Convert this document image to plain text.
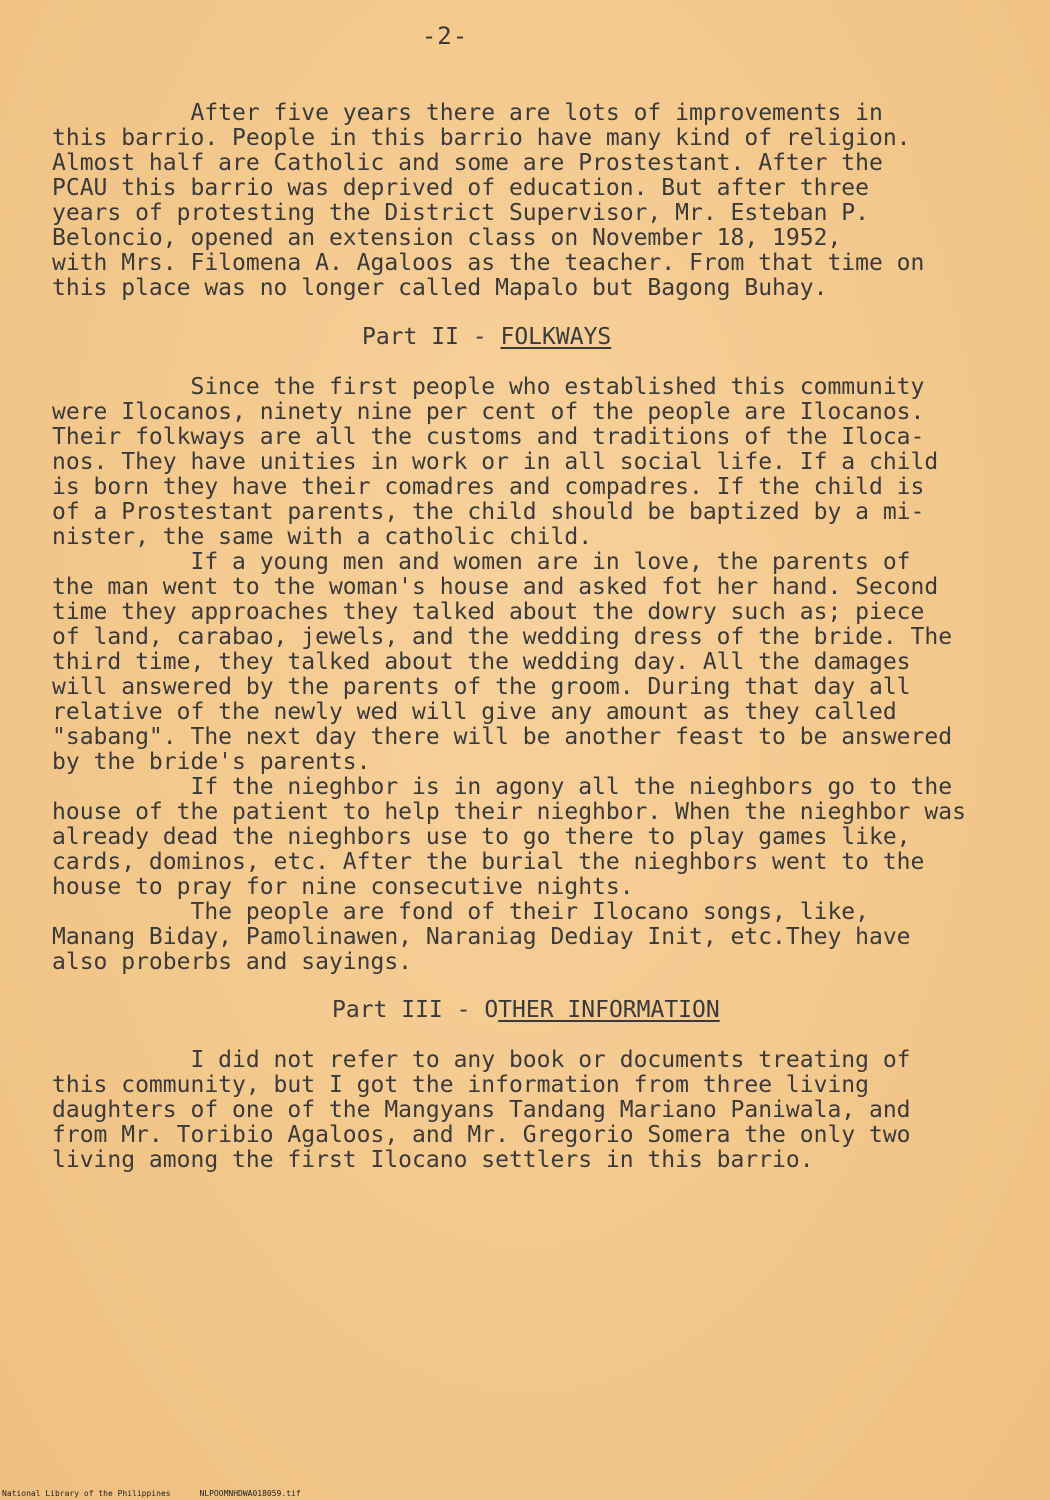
-2-
After five years there are lots of improvements in
this barrio. People in this barrio have many kind of religion.
Almost half are Catholic and some are Prostestant. After the
PCAU this barrio was deprived of education. But after three
years of protesting the District Supervisor, Mr. Esteban P.
Beloncio, opened an extension class on November 18, 1952,
with Mrs. Filomena A. Agaloos as the teacher. From that time on
this place was no longer called Mapalo but Bagong Buhay.
Part II - FOLKWAYS
Since the first people who established this community
were Ilocanos, ninety nine per cent of the people are Ilocanos.
Their folkways are all the customs and traditions of the Iloca-
nos. They have unities in work or in all social life. If a child
is born they have their comadres and compadres. If the child is
of a Prostestant parents, the child should be baptized by a mi-
nister, the same with a catholic child.
If a young men and women are in love, the parents of
the man went to the woman's house and asked fot her hand. Second
time they approaches they talked about the dowry such as; piece
of land, carabao, jewels, and the wedding dress of the bride. The
third time, they talked about the wedding day. All the damages
will answered by the parents of the groom. During that day all
relative of the newly wed will give any amount as they called
"sabang". The next day there will be another feast to be answered
by the bride's parents.
If the nieghbor is in agony all the nieghbors go to the
house of the patient to help their nieghbor. When the nieghbor was
already dead the nieghbors use to go there to play games like,
cards, dominos, etc. After the burial the nieghbors went to the
house to pray for nine consecutive nights.
The people are fond of their Ilocano songs, like,
Manang Biday, Pamolinawen, Naraniag Dediay Init, etc.They have
also proberbs and sayings.
Part III - OTHER INFORMATION
I did not refer to any book or documents treating of
this community, but I got the information from three living
daughters of one of the Mangyans Tandang Mariano Paniwala, and
from Mr. Toribio Agaloos, and Mr. Gregorio Somera the only two
living among the first Ilocano settlers in this barrio.
National Library of the Philippines	NLPOOMNHDWA018059.tif
